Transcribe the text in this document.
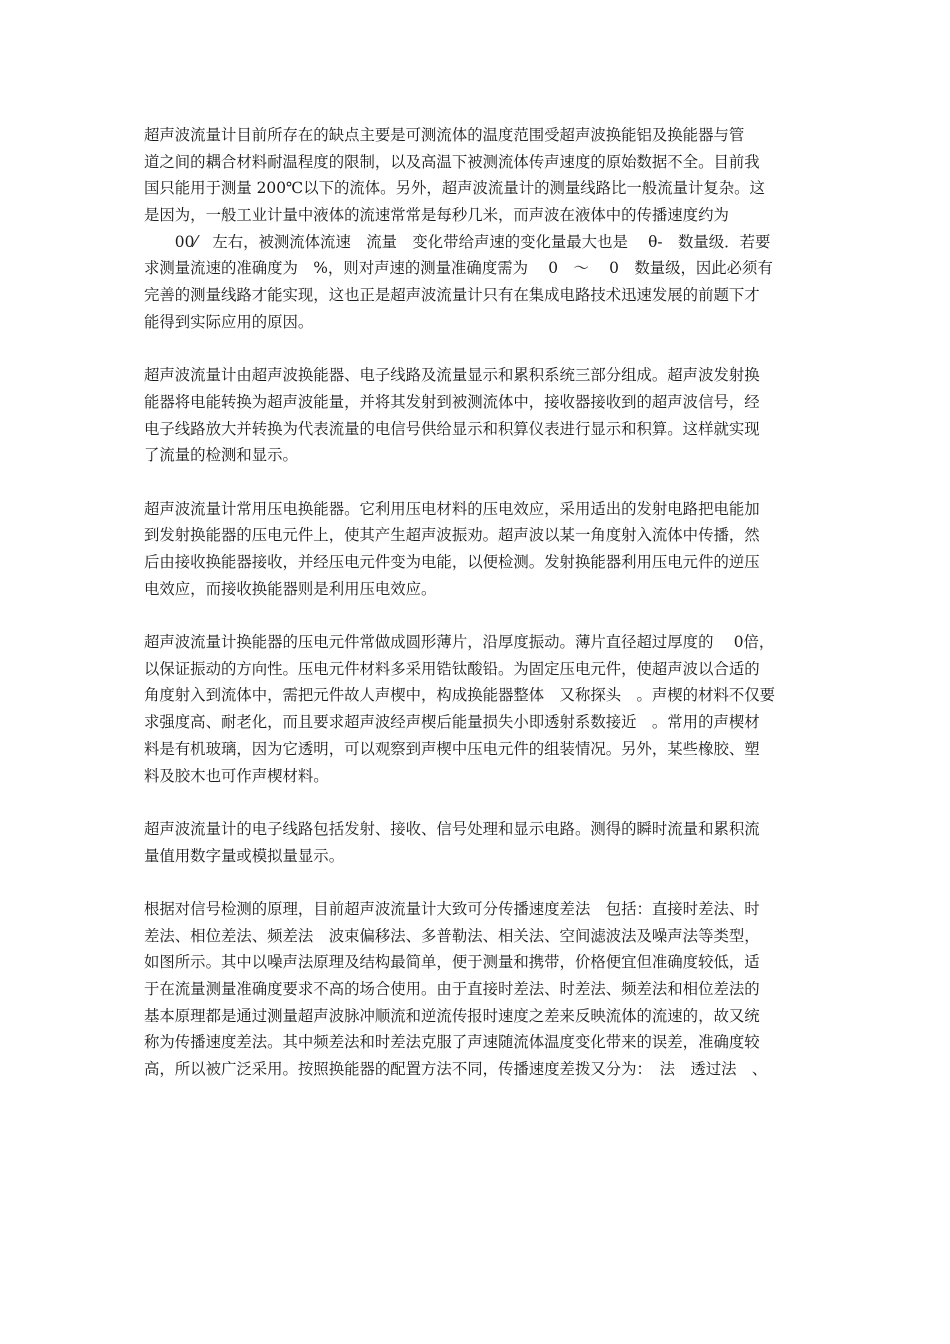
超声波流量计目前所存在的缺点主要是可测流体的温度范围受超声波换能铝及换能器与管
道之间的耦合材料耐温程度的限制，以及高温下被测流体传声速度的原始数据不全。目前我
国只能用于测量 200℃以下的流体。另外，超声波流量计的测量线路比一般流量计复杂。这
是因为，一般工业计量中液体的流速常常是每秒几米，而声波在液体中的传播速度约为
　　00⁄　左右，被测流体流速　流量　变化带给声速的变化量最大也是　 θ-　数量级．若要
求测量流速的准确度为　%，则对声速的测量准确度需为　 0　～　 0　数量级，因此必须有
完善的测量线路才能实现，这也正是超声波流量计只有在集成电路技术迅速发展的前题下才
能得到实际应用的原因。

超声波流量计由超声波换能器、电子线路及流量显示和累积系统三部分组成。超声波发射换
能器将电能转换为超声波能量，并将其发射到被测流体中，接收器接收到的超声波信号，经
电子线路放大并转换为代表流量的电信号供给显示和积算仪表进行显示和积算。这样就实现
了流量的检测和显示。

超声波流量计常用压电换能器。它利用压电材料的压电效应，采用适出的发射电路把电能加
到发射换能器的压电元件上，使其产生超声波振劝。超声波以某一角度射入流体中传播，然
后由接收换能器接收，并经压电元件变为电能，以便检测。发射换能器利用压电元件的逆压
电效应，而接收换能器则是利用压电效应。

超声波流量计换能器的压电元件常做成圆形薄片，沿厚度振动。薄片直径超过厚度的　 0倍，
以保证振动的方向性。压电元件材料多采用锆钛酸铅。为固定压电元件，使超声波以合适的
角度射入到流体中，需把元件故人声楔中，构成换能器整体　又称探头　。声楔的材料不仅要
求强度高、耐老化，而且要求超声波经声楔后能量损失小即透射系数接近　。常用的声楔材
料是有机玻璃，因为它透明，可以观察到声楔中压电元件的组装情况。另外，某些橡胶、塑
料及胶木也可作声楔材料。

超声波流量计的电子线路包括发射、接收、信号处理和显示电路。测得的瞬时流量和累积流
量值用数字量或模拟量显示。

根据对信号检测的原理，目前超声波流量计大致可分传播速度差法　包括：直接时差法、时
差法、相位差法、频差法　波束偏移法、多普勒法、相关法、空间滤波法及噪声法等类型，
如图所示。其中以噪声法原理及结构最简单，便于测量和携带，价格便宜但准确度较低，适
于在流量测量准确度要求不高的场合使用。由于直接时差法、时差法、频差法和相位差法的
基本原理都是通过测量超声波脉冲顺流和逆流传报时速度之差来反映流体的流速的，故又统
称为传播速度差法。其中频差法和时差法克服了声速随流体温度变化带来的误差，准确度较
高，所以被广泛采用。按照换能器的配置方法不同，传播速度差拨又分为：　法　透过法　、
